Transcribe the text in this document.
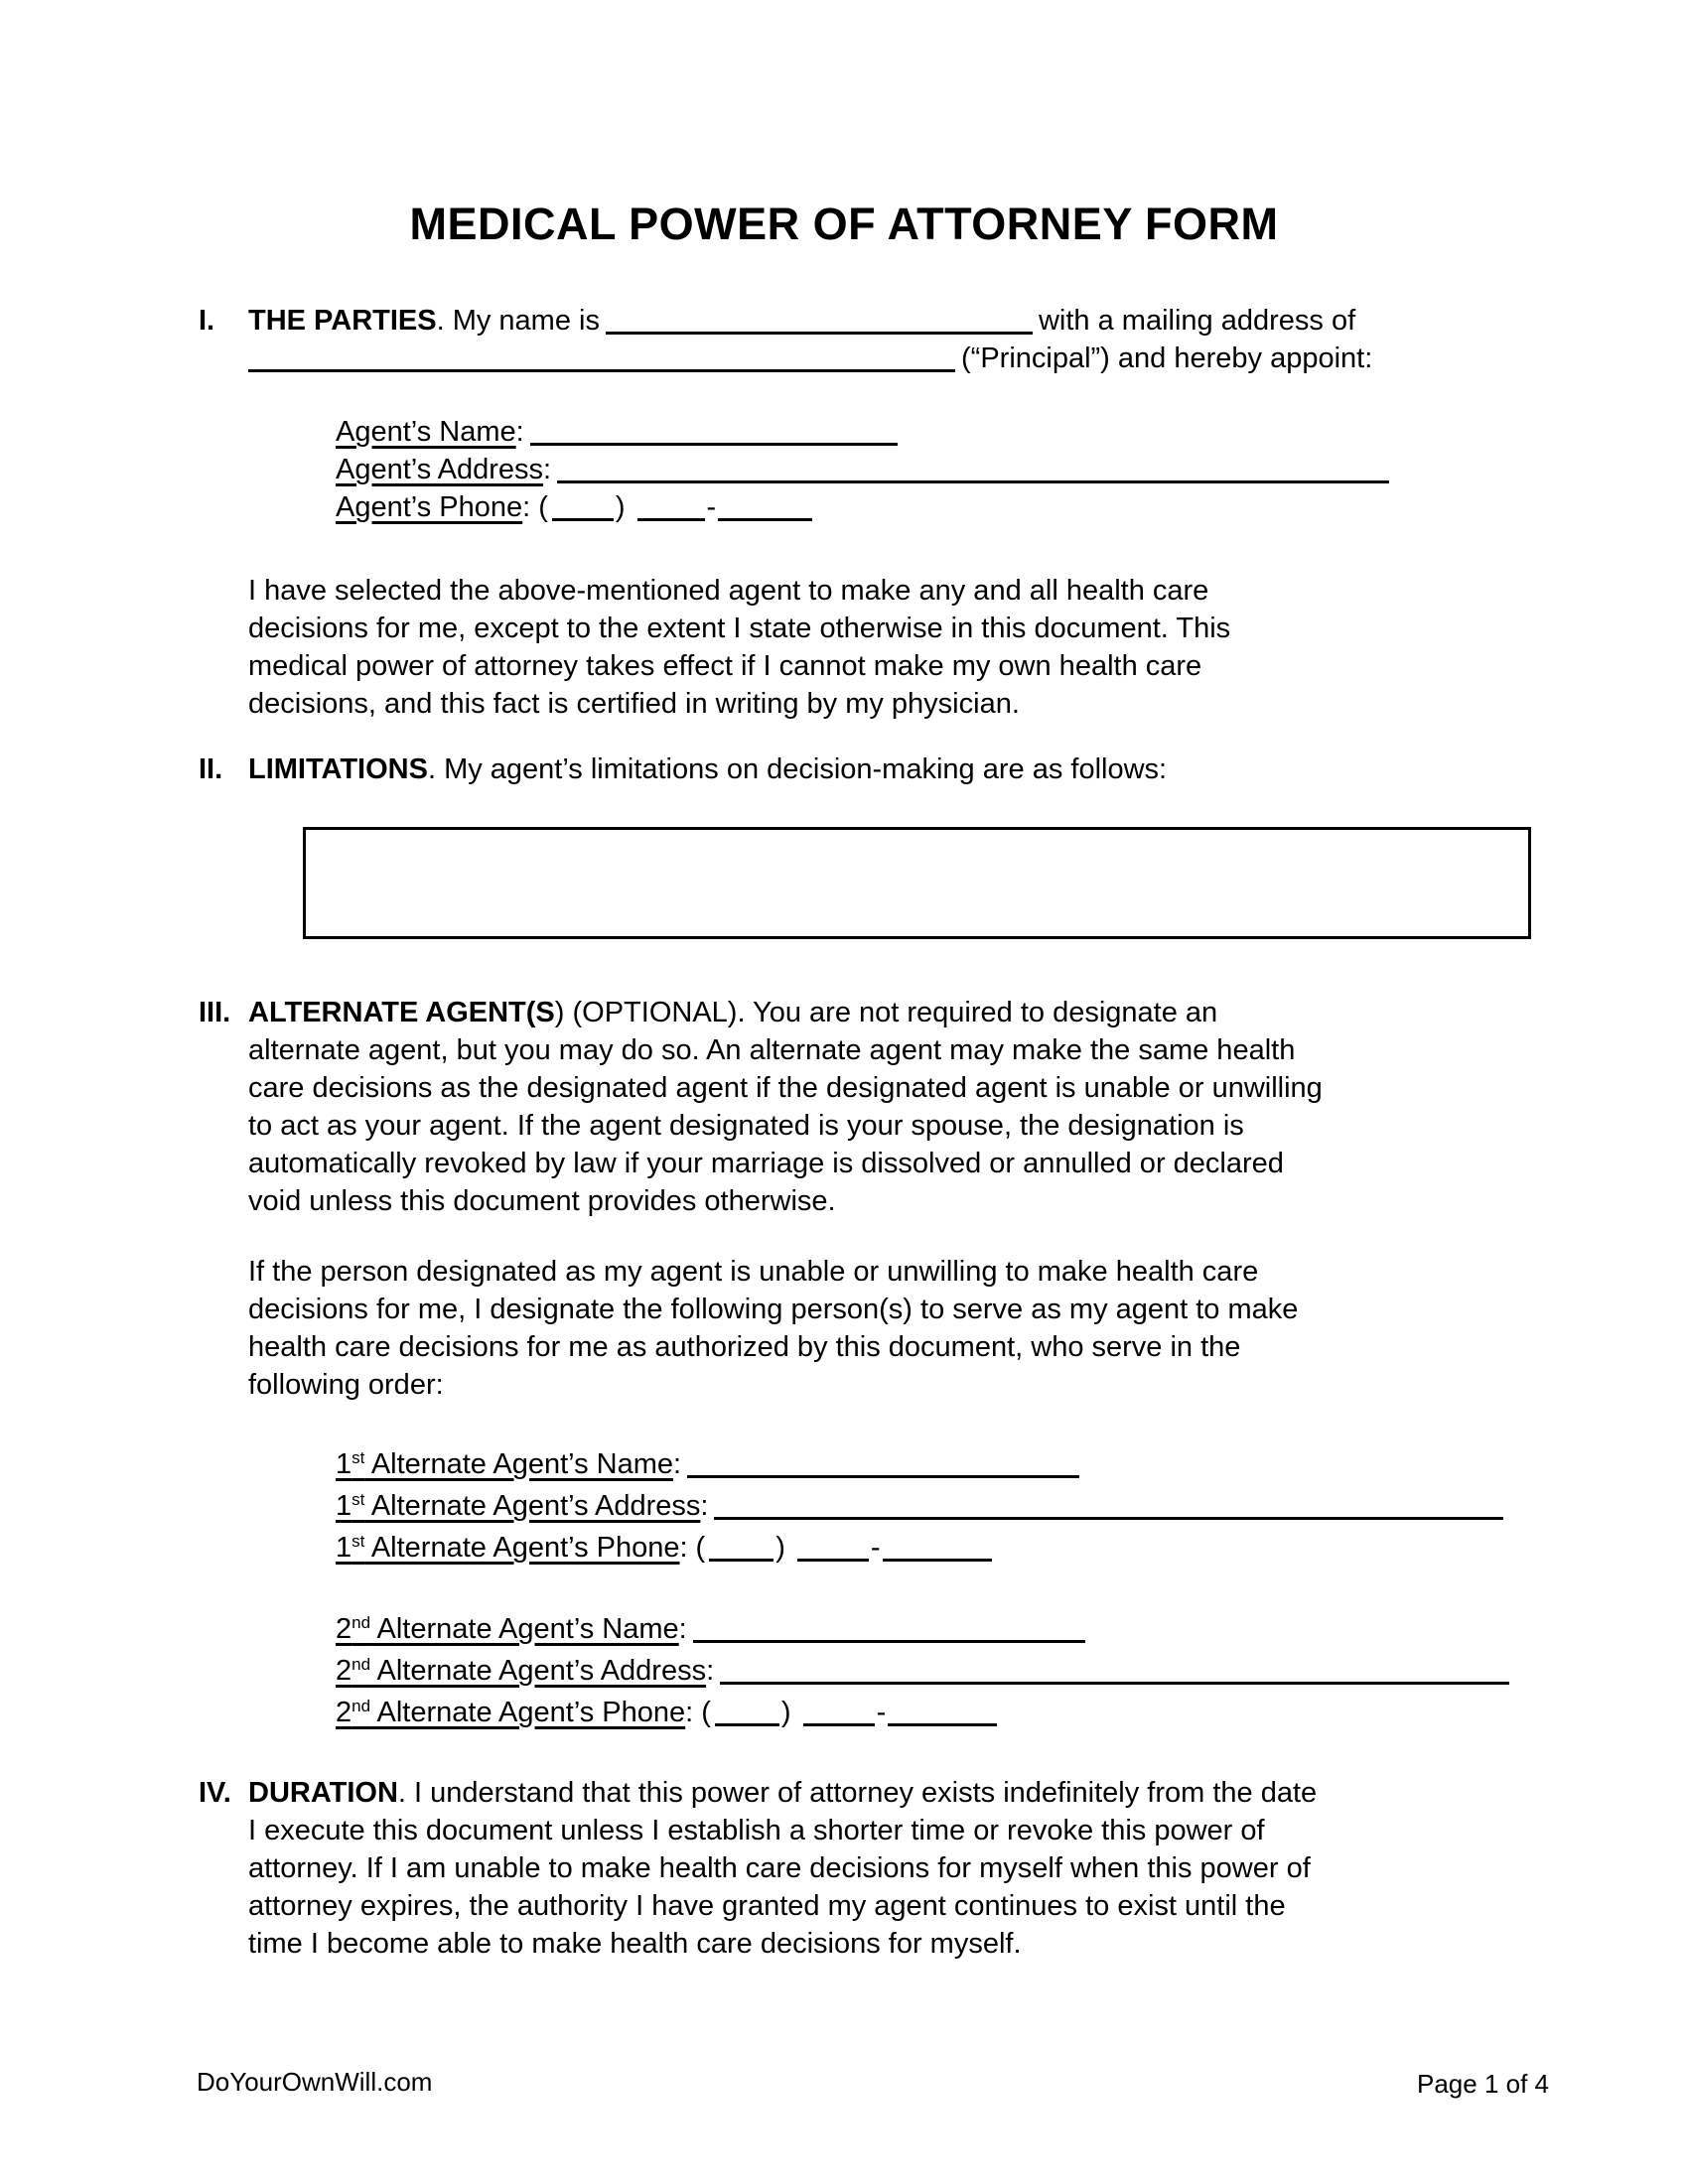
MEDICAL POWER OF ATTORNEY FORM
I.	THE PARTIES. My name is	with a mailing address of
(“Principal”) and hereby appoint:
Agent’s Name:
Agent’s Address:
Agent’s Phone: ( )	-
I have selected the above-mentioned agent to make any and all health care
decisions for me, except to the extent I state otherwise in this document. This
medical power of attorney takes effect if I cannot make my own health care
decisions, and this fact is certified in writing by my physician.
II. LIMITATIONS. My agent’s limitations on decision-making are as follows:
III. ALTERNATE AGENT(S) (OPTIONAL). You are not required to designate an
alternate agent, but you may do so. An alternate agent may make the same health
care decisions as the designated agent if the designated agent is unable or unwilling
to act as your agent. If the agent designated is your spouse, the designation is
automatically revoked by law if your marriage is dissolved or annulled or declared
void unless this document provides otherwise.
If the person designated as my agent is unable or unwilling to make health care
decisions for me, I designate the following person(s) to serve as my agent to make
health care decisions for me as authorized by this document, who serve in the
following order:
1st Alternate Agent’s Name:
1st Alternate Agent’s Address:
1st Alternate Agent’s Phone: ( )	-
2nd Alternate Agent’s Name:
2nd Alternate Agent’s Address:
2nd Alternate Agent’s Phone: ( )	-
IV. DURATION. I understand that this power of attorney exists indefinitely from the date
I execute this document unless I establish a shorter time or revoke this power of
attorney. If I am unable to make health care decisions for myself when this power of
attorney expires, the authority I have granted my agent continues to exist until the
time I become able to make health care decisions for myself.
DoYourOwnWill.com	Page 1 of 4
